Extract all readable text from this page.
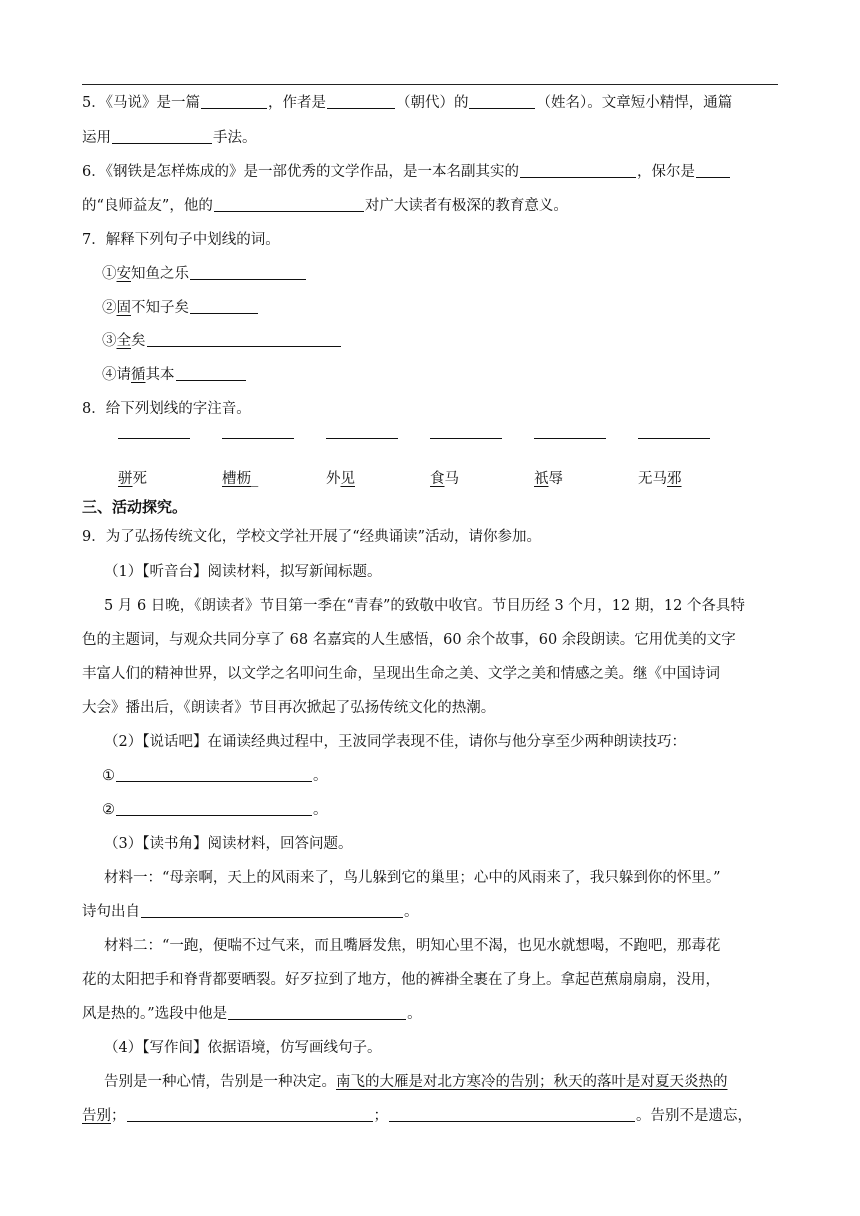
5．《马说》是一篇	，作者是	（朝代）的	（姓名）。文章短小精悍，通篇
运用	手法。
6．《钢铁是怎样炼成的》是一部优秀的文学作品，是一本名副其实的	，保尔是
的“良师益友”，他的	对广大读者有极深的教育意义。
7．解释下列句子中划线的词。
①安知鱼之乐
②固不知子矣
③全矣
④请循其本
8．给下列划线的字注音。
骈死	槽枥_	外见	食马	祇辱	无马邪
三、活动探究。
9．为了弘扬传统文化，学校文学社开展了“经典诵读”活动，请你参加。
（1）【听音台】阅读材料，拟写新闻标题。
5 月 6 日晚，《朗读者》节目第一季在“青春”的致敬中收官。节目历经 3 个月，12 期，12 个各具特
色的主题词，与观众共同分享了 68 名嘉宾的人生感悟，60 余个故事，60 余段朗读。它用优美的文字
丰富人们的精神世界，以文学之名叩问生命，呈现出生命之美、文学之美和情感之美。继《中国诗词
大会》播出后，《朗读者》节目再次掀起了弘扬传统文化的热潮。
（2）【说话吧】在诵读经典过程中，王波同学表现不佳，请你与他分享至少两种朗读技巧：
①	。
②	。
（3）【读书角】阅读材料，回答问题。
材料一：“母亲啊，天上的风雨来了，鸟儿躲到它的巢里；心中的风雨来了，我只躲到你的怀里。”
诗句出自	。
材料二：“一跑，便喘不过气来，而且嘴唇发焦，明知心里不渴，也见水就想喝，不跑吧，那毒花
花的太阳把手和脊背都要晒裂。好歹拉到了地方，他的裤褂全裹在了身上。拿起芭蕉扇扇扇，没用，
风是热的。”选段中他是	。
（4）【写作间】依据语境，仿写画线句子。
告别是一种心情，告别是一种决定。南飞的大雁是对北方寒冷的告别；秋天的落叶是对夏天炎热的
告别；	；	。告别不是遗忘，
